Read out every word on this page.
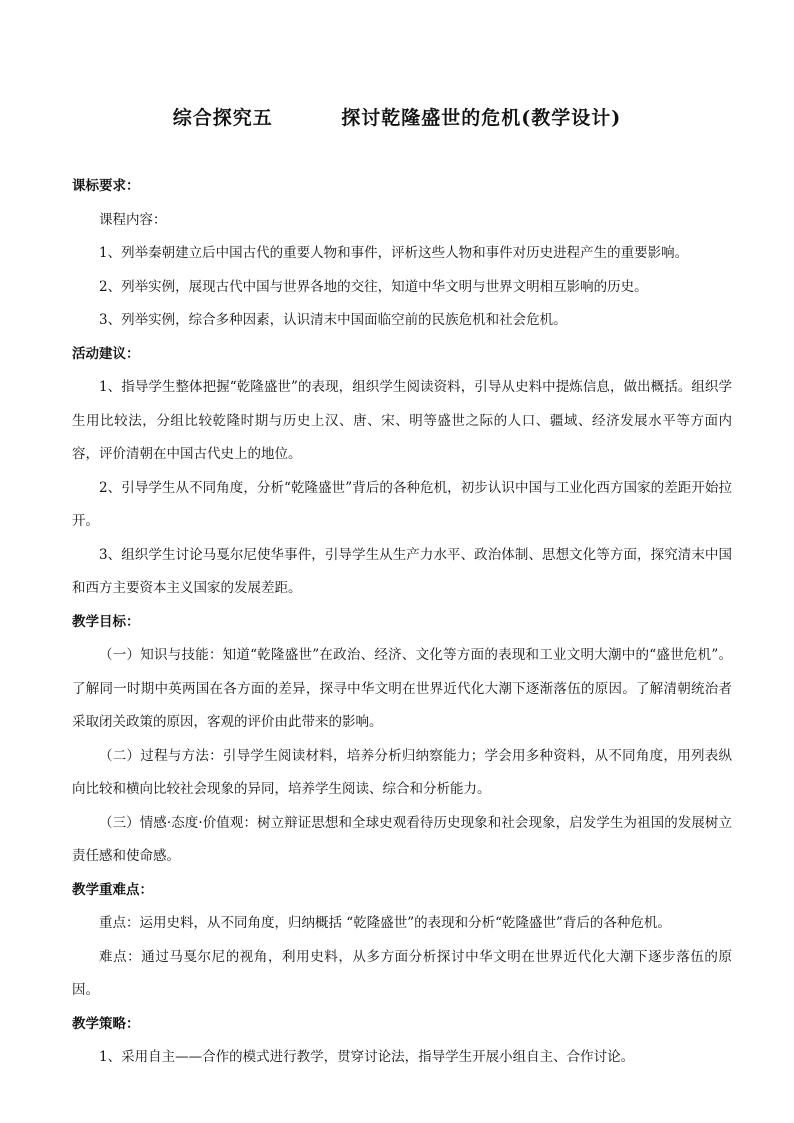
综合探究五         探讨乾隆盛世的危机(教学设计)
课标要求：
课程内容：
1、列举秦朝建立后中国古代的重要人物和事件，评析这些人物和事件对历史进程产生的重要影响。
2、列举实例，展现古代中国与世界各地的交往，知道中华文明与世界文明相互影响的历史。
3、列举实例，综合多种因素，认识清末中国面临空前的民族危机和社会危机。
活动建议：
1、指导学生整体把握“乾隆盛世”的表现，组织学生阅读资料，引导从史料中提炼信息，做出概括。组织学生用比较法，分组比较乾隆时期与历史上汉、唐、宋、明等盛世之际的人口、疆域、经济发展水平等方面内容，评价清朝在中国古代史上的地位。
2、引导学生从不同角度，分析“乾隆盛世”背后的各种危机，初步认识中国与工业化西方国家的差距开始拉开。
3、组织学生讨论马戛尔尼使华事件，引导学生从生产力水平、政治体制、思想文化等方面，探究清末中国和西方主要资本主义国家的发展差距。
教学目标：
（一）知识与技能：知道“乾隆盛世”在政治、经济、文化等方面的表现和工业文明大潮中的“盛世危机”。了解同一时期中英两国在各方面的差异，探寻中华文明在世界近代化大潮下逐渐落伍的原因。了解清朝统治者采取闭关政策的原因，客观的评价由此带来的影响。
（二）过程与方法：引导学生阅读材料，培养分析归纳察能力；学会用多种资料，从不同角度，用列表纵向比较和横向比较社会现象的异同，培养学生阅读、综合和分析能力。
（三）情感·态度·价值观：树立辩证思想和全球史观看待历史现象和社会现象，启发学生为祖国的发展树立责任感和使命感。
教学重难点：
重点：运用史料，从不同角度，归纳概括 “乾隆盛世”的表现和分析“乾隆盛世”背后的各种危机。
难点：通过马戛尔尼的视角，利用史料，从多方面分析探讨中华文明在世界近代化大潮下逐步落伍的原因。
教学策略：
1、采用自主——合作的模式进行教学，贯穿讨论法，指导学生开展小组自主、合作讨论。
